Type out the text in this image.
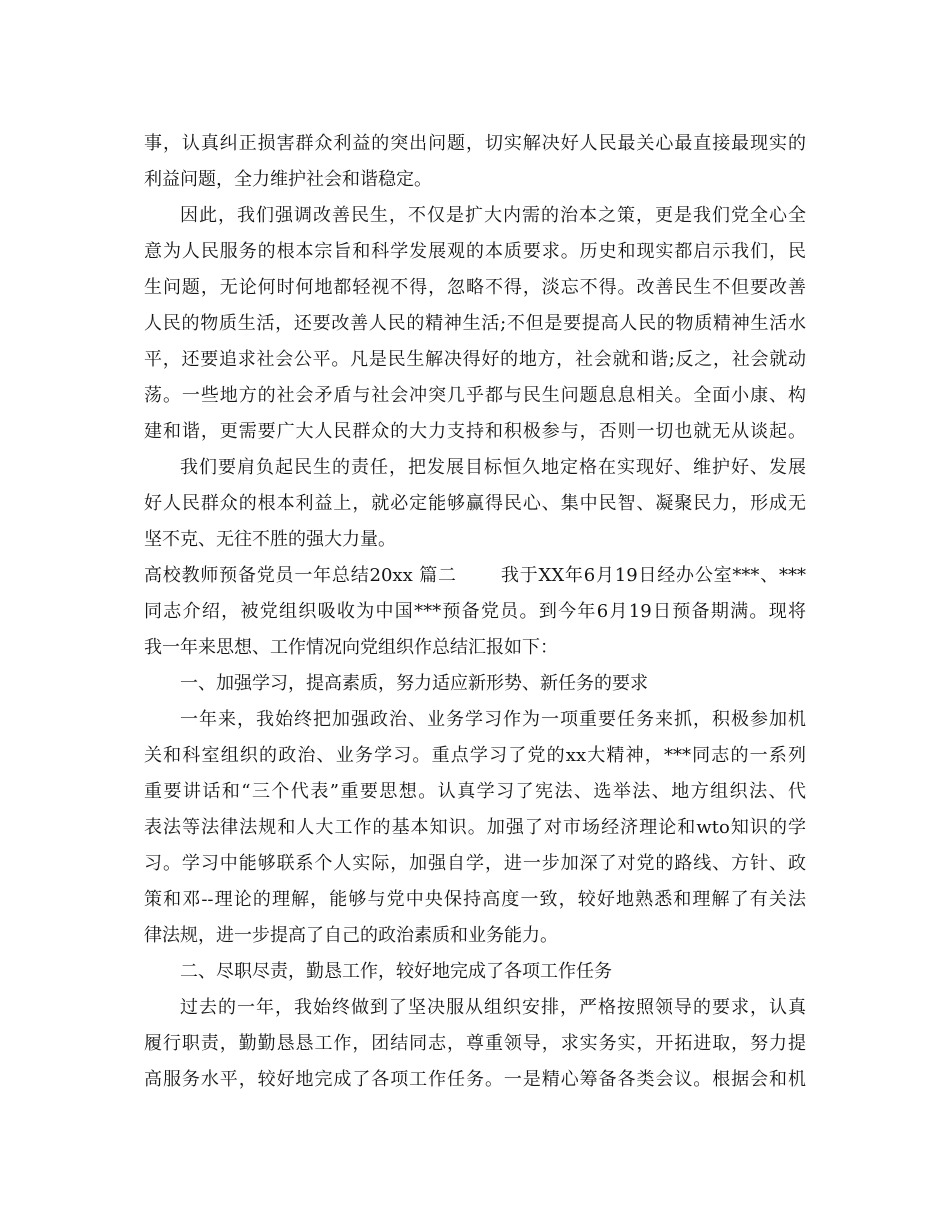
事，认真纠正损害群众利益的突出问题，切实解决好人民最关心最直接最现实的
利益问题，全力维护社会和谐稳定。
因此，我们强调改善民生，不仅是扩大内需的治本之策，更是我们党全心全
意为人民服务的根本宗旨和科学发展观的本质要求。历史和现实都启示我们，民
生问题，无论何时何地都轻视不得，忽略不得，淡忘不得。改善民生不但要改善
人民的物质生活，还要改善人民的精神生活;不但是要提高人民的物质精神生活水
平，还要追求社会公平。凡是民生解决得好的地方，社会就和谐;反之，社会就动
荡。一些地方的社会矛盾与社会冲突几乎都与民生问题息息相关。全面小康、构
建和谐，更需要广大人民群众的大力支持和积极参与，否则一切也就无从谈起。
我们要肩负起民生的责任，把发展目标恒久地定格在实现好、维护好、发展
好人民群众的根本利益上，就必定能够赢得民心、集中民智、凝聚民力，形成无
坚不克、无往不胜的强大力量。
高校教师预备党员一年总结20xx 篇二　　 我于XX年6月19日经办公室***、***
同志介绍，被党组织吸收为中国***预备党员。到今年6月19日预备期满。现将
我一年来思想、工作情况向党组织作总结汇报如下：
一、加强学习，提高素质，努力适应新形势、新任务的要求
一年来，我始终把加强政治、业务学习作为一项重要任务来抓，积极参加机
关和科室组织的政治、业务学习。重点学习了党的xx大精神，***同志的一系列
重要讲话和“三个代表”重要思想。认真学习了宪法、选举法、地方组织法、代
表法等法律法规和人大工作的基本知识。加强了对市场经济理论和wto知识的学
习。学习中能够联系个人实际，加强自学，进一步加深了对党的路线、方针、政
策和邓--理论的理解，能够与党中央保持高度一致，较好地熟悉和理解了有关法
律法规，进一步提高了自己的政治素质和业务能力。
二、尽职尽责，勤恳工作，较好地完成了各项工作任务
过去的一年，我始终做到了坚决服从组织安排，严格按照领导的要求，认真
履行职责，勤勤恳恳工作，团结同志，尊重领导，求实务实，开拓进取，努力提
高服务水平，较好地完成了各项工作任务。一是精心筹备各类会议。根据会和机
